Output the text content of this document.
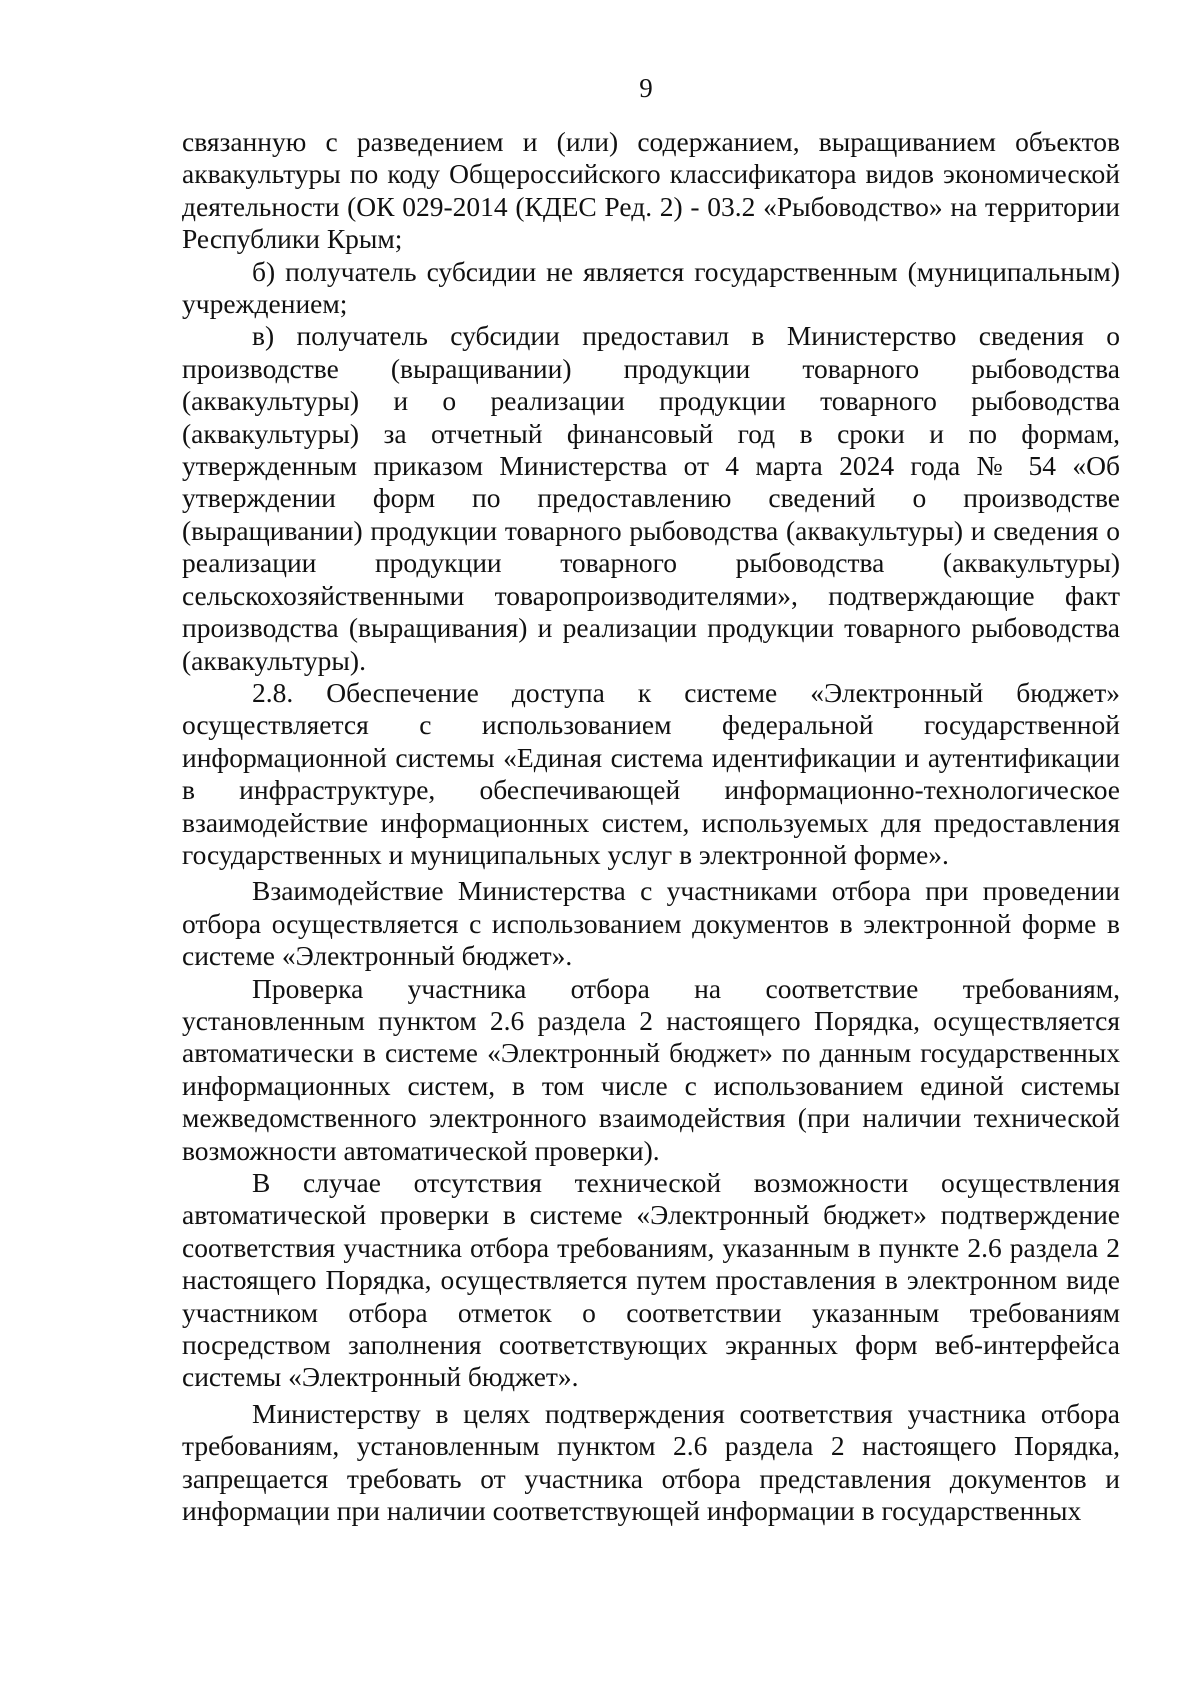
9

связанную с разведением и (или) содержанием, выращиванием объектов аквакультуры по коду Общероссийского классификатора видов экономической деятельности (ОК 029-2014 (КДЕС Ред. 2) - 03.2 «Рыбоводство» на территории Республики Крым;

б) получатель субсидии не является государственным (муниципальным) учреждением;

в) получатель субсидии предоставил в Министерство сведения о производстве (выращивании) продукции товарного рыбоводства (аквакультуры) и о реализации продукции товарного рыбоводства (аквакультуры) за отчетный финансовый год в сроки и по формам, утвержденным приказом Министерства от 4 марта 2024 года № 54 «Об утверждении форм по предоставлению сведений о производстве (выращивании) продукции товарного рыбоводства (аквакультуры) и сведения о реализации продукции товарного рыбоводства (аквакультуры) сельскохозяйственными товаропроизводителями», подтверждающие факт производства (выращивания) и реализации продукции товарного рыбоводства (аквакультуры).

2.8. Обеспечение доступа к системе «Электронный бюджет» осуществляется с использованием федеральной государственной информационной системы «Единая система идентификации и аутентификации в инфраструктуре, обеспечивающей информационно-технологическое взаимодействие информационных систем, используемых для предоставления государственных и муниципальных услуг в электронной форме».

Взаимодействие Министерства с участниками отбора при проведении отбора осуществляется с использованием документов в электронной форме в системе «Электронный бюджет».

Проверка участника отбора на соответствие требованиям, установленным пунктом 2.6 раздела 2 настоящего Порядка, осуществляется автоматически в системе «Электронный бюджет» по данным государственных информационных систем, в том числе с использованием единой системы межведомственного электронного взаимодействия (при наличии технической возможности автоматической проверки).

В случае отсутствия технической возможности осуществления автоматической проверки в системе «Электронный бюджет» подтверждение соответствия участника отбора требованиям, указанным в пункте 2.6 раздела 2 настоящего Порядка, осуществляется путем проставления в электронном виде участником отбора отметок о соответствии указанным требованиям посредством заполнения соответствующих экранных форм веб-интерфейса системы «Электронный бюджет».

Министерству в целях подтверждения соответствия участника отбора требованиям, установленным пунктом 2.6 раздела 2 настоящего Порядка, запрещается требовать от участника отбора представления документов и информации при наличии соответствующей информации в государственных
